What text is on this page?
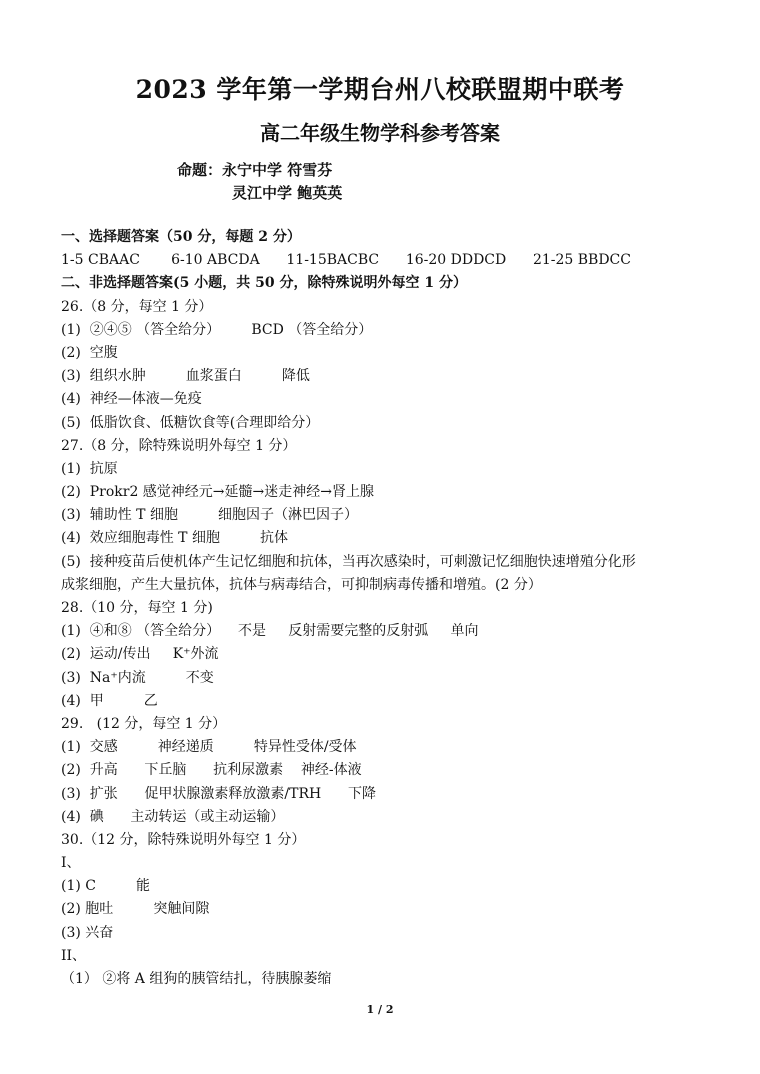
2023 学年第一学期台州八校联盟期中联考
高二年级生物学科参考答案
命题：永宁中学 符雪芬
灵江中学 鲍英英
一、选择题答案（50 分，每题 2 分）
1-5 CBAAC       6-10 ABCDA      11-15BACBC      16-20 DDDCD      21-25 BBDCC
二、非选择题答案(5 小题，共 50 分，除特殊说明外每空 1 分）
26.（8 分，每空 1 分）
(1)  ②④⑤ （答全给分）       BCD （答全给分）
(2)  空腹
(3)  组织水肿         血浆蛋白         降低
(4)  神经—体液—免疫
(5)  低脂饮食、低糖饮食等(合理即给分）
27.（8 分，除特殊说明外每空 1 分）
(1)  抗原
(2)  Prokr2 感觉神经元→延髓→迷走神经→肾上腺
(3)  辅助性 T 细胞         细胞因子（淋巴因子）
(4)  效应细胞毒性 T 细胞         抗体
(5)  接种疫苗后使机体产生记忆细胞和抗体，当再次感染时，可刺激记忆细胞快速增殖分化形
成浆细胞，产生大量抗体，抗体与病毒结合，可抑制病毒传播和增殖。(2 分）
28.（10 分，每空 1 分)
(1)  ④和⑧ （答全给分）    不是     反射需要完整的反射弧     单向
(2)  运动/传出     K⁺外流
(3)  Na⁺内流         不变
(4)  甲         乙
29.   (12 分，每空 1 分）
(1)  交感         神经递质         特异性受体/受体
(2)  升高      下丘脑      抗利尿激素    神经-体液
(3)  扩张      促甲状腺激素释放激素/TRH      下降
(4)  碘      主动转运（或主动运输）
30.（12 分，除特殊说明外每空 1 分）
I、
(1) C         能
(2) 胞吐         突触间隙
(3) 兴奋
II、
（1） ②将 A 组狗的胰管结扎，待胰腺萎缩
1 / 2
